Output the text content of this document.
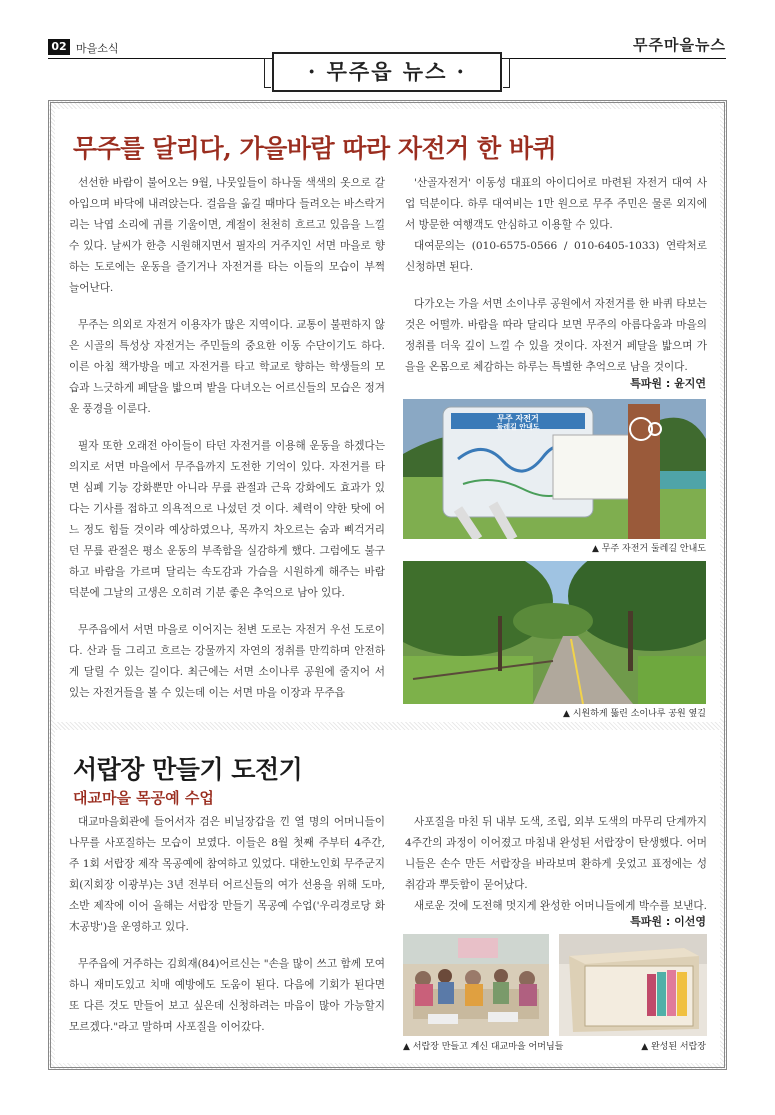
02 마을소식	무주마을뉴스
무주를 달리다, 가을바람 따라 자전거 한 바퀴

선선한 바람이 불어오는 9월, 나뭇잎들이 하나둘 색색의 옷으로 갈아입으며 바닥에 내려앉는다. 걸음을 옮길 때마다 들려오는 바스락거리는 낙엽 소리에 귀를 기울이면, 계절이 천천히 흐르고 있음을 느낄 수 있다. 날씨가 한층 시원해지면서 필자의 거주지인 서면 마을로 향하는 도로에는 운동을 즐기거나 자전거를 타는 이들의 모습이 부쩍 늘어난다.

무주는 의외로 자전거 이용자가 많은 지역이다. 교통이 불편하지 않은 시골의 특성상 자전거는 주민들의 중요한 이동 수단이기도 하다. 이른 아침 책가방을 메고 자전거를 타고 학교로 향하는 학생들의 모습과 느긋하게 페달을 밟으며 밭을 다녀오는 어르신들의 모습은 정겨운 풍경을 이룬다.

필자 또한 오래전 아이들이 타던 자전거를 이용해 운동을 하겠다는 의지로 서면 마을에서 무주읍까지 도전한 기억이 있다. 자전거를 타면 심폐 기능 강화뿐만 아니라 무릎 관절과 근육 강화에도 효과가 있다는 기사를 접하고 의욕적으로 나섰던 것 이다. 체력이 약한 탓에 어느 정도 힘들 것이라 예상하였으나, 목까지 차오르는 숨과 삐걱거리던 무릎 관절은 평소 운동의 부족함을 실감하게 했다. 그럼에도 불구하고 바람을 가르며 달리는 속도감과 가슴을 시원하게 해주는 바람 덕분에 그날의 고생은 오히려 기분 좋은 추억으로 남아 있다.

무주읍에서 서면 마을로 이어지는 천변 도로는 자전거 우선 도로이다. 산과 들 그리고 흐르는 강물까지 자연의 정취를 만끽하며 안전하게 달릴 수 있는 길이다. 최근에는 서면 소이나루 공원에 줄지어 서 있는 자전거들을 볼 수 있는데 이는 서면 마을 이장과 무주읍

'산골자전거' 이동성 대표의 아이디어로 마련된 자전거 대여 사업 덕분이다. 하루 대여비는 1만 원으로 무주 주민은 물론 외지에서 방문한 여행객도 안심하고 이용할 수 있다.

대여문의는 (010-6575-0566 / 010-6405-1033) 연락처로 신청하면 된다.

다가오는 가을 서면 소이나루 공원에서 자전거를 한 바퀴 타보는 것은 어떨까. 바람을 따라 달리다 보면 무주의 아름다움과 마을의 정취를 더욱 깊이 느낄 수 있을 것이다. 자전거 페달을 밟으며 가을을 온몸으로 체감하는 하루는 특별한 추억으로 남을 것이다.

특파원 : 윤지연
무주 자전거
둘레길 안내도
▲ 무주 자전거 둘레길 안내도
▲ 시원하게 뚫린 소이나루 공원 옆길
서랍장 만들기 도전기
대교마을 목공예 수업

대교마을회관에 들어서자 검은 비닐장갑을 낀 열 명의 어머니들이 나무를 사포질하는 모습이 보였다. 이들은 8월 첫째 주부터 4주간, 주 1회 서랍장 제작 목공예에 참여하고 있었다. 대한노인회 무주군지회(지회장 이광부)는 3년 전부터 어르신들의 여가 선용을 위해 도마, 소반 제작에 이어 올해는 서랍장 만들기 목공예 수업('우리경로당 화木공방')을 운영하고 있다.

무주읍에 거주하는 김희재(84)어르신는 "손을 많이 쓰고 함께 모여 하니 재미도있고 치매 예방에도 도움이 된다. 다음에 기회가 된다면 또 다른 것도 만들어 보고 싶은데 신청하려는 마음이 많아 가능할지 모르겠다."라고 말하며 사포질을 이어갔다.

사포질을 마친 뒤 내부 도색, 조립, 외부 도색의 마무리 단계까지 4주간의 과정이 이어졌고 마침내 완성된 서랍장이 탄생했다. 어머니들은 손수 만든 서랍장을 바라보며 환하게 웃었고 표정에는 성취감과 뿌듯함이 묻어났다.

새로운 것에 도전해 멋지게 완성한 어머니들에게 박수를 보낸다.

특파원 : 이선영
▲ 서랍장 만들고 계신 대교마을 어머님들	▲ 완성된 서랍장
· 무주읍 뉴스 ·
